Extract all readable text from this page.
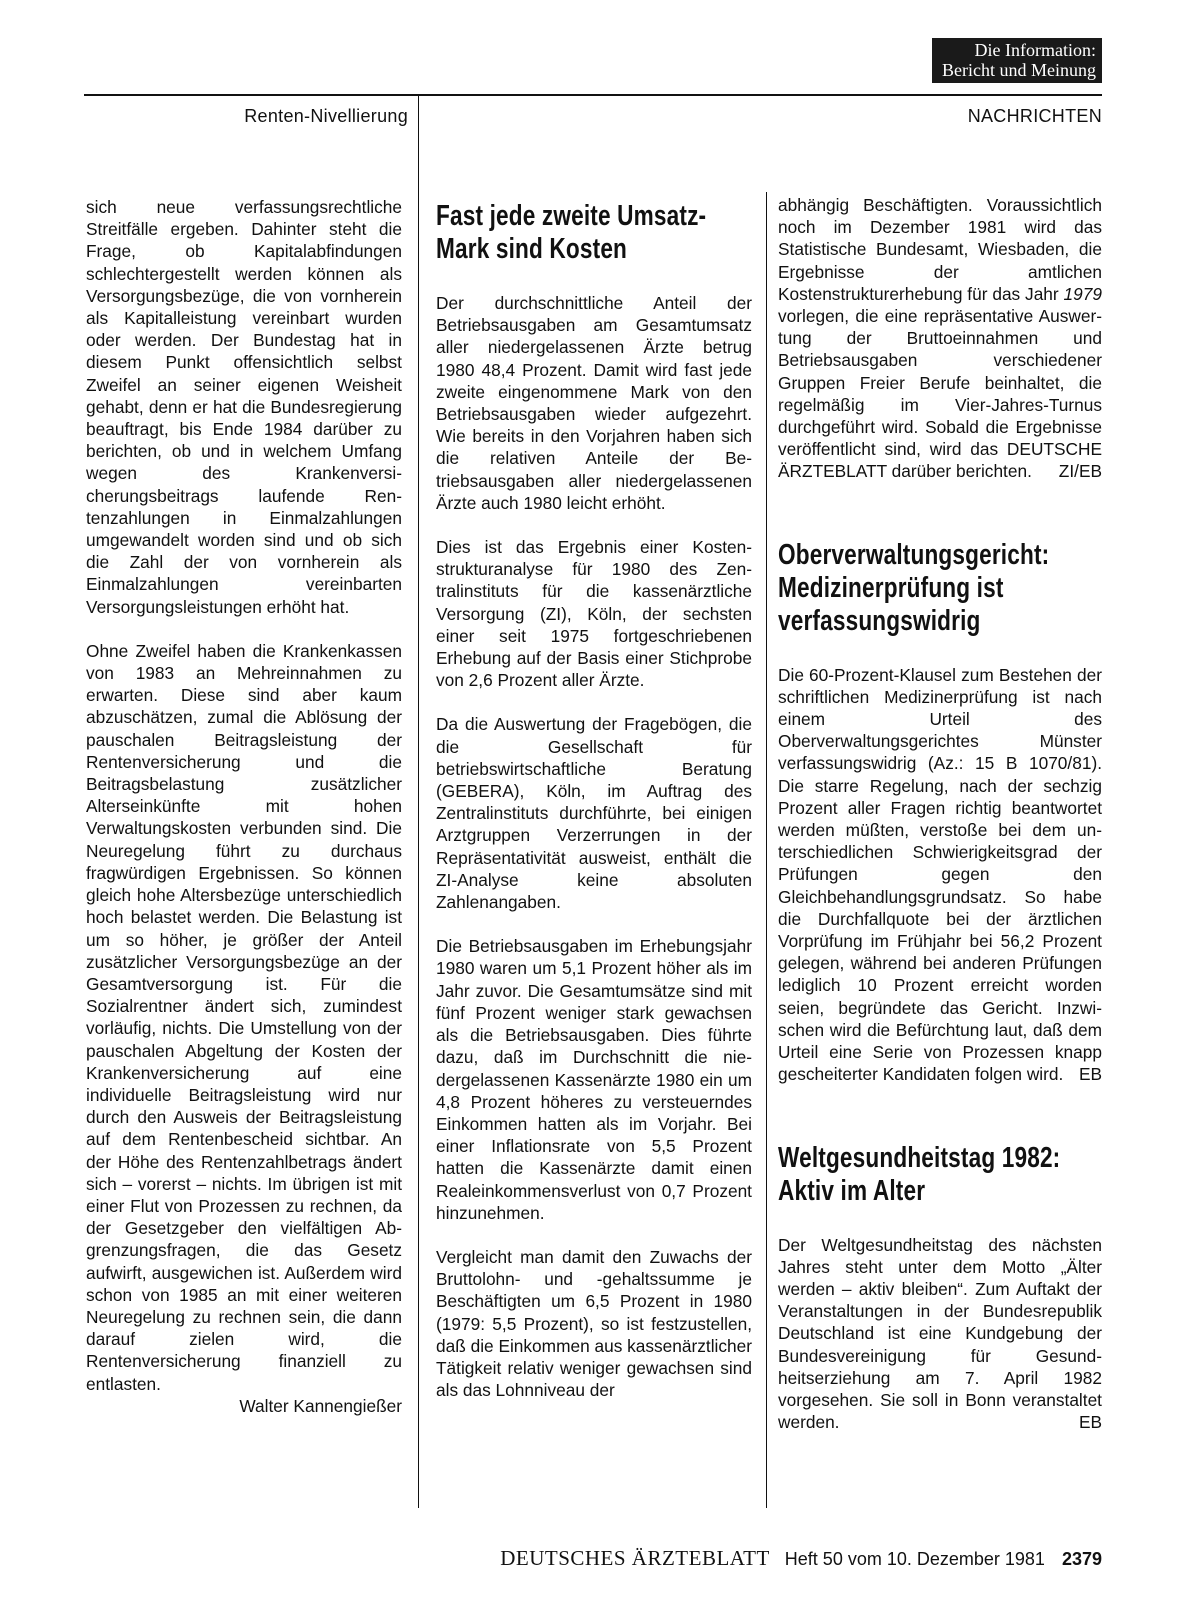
Die Information:
Bericht und Meinung
Renten-Nivellierung	NACHRICHTEN

sich neue verfassungsrechtliche Streitfälle ergeben. Dahinter steht die Frage, ob Kapitalabfindungen schlechtergestellt werden können als Versorgungsbezüge, die von vornherein als Kapitalleistung vereinbart wurden oder werden. Der Bundestag hat in diesem Punkt offensichtlich selbst Zweifel an seiner eigenen Weisheit gehabt, denn er hat die Bundesregierung beauftragt, bis Ende 1984 darüber zu berichten, ob und in welchem Umfang wegen des Krankenversicherungsbeitrags laufende Rentenzahlungen in Einmalzahlungen umgewandelt worden sind und ob sich die Zahl der von vornherein als Einmalzahlungen vereinbarten Versorgungsleistungen erhöht hat.

Ohne Zweifel haben die Krankenkassen von 1983 an Mehreinnahmen zu erwarten. Diese sind aber kaum abzuschätzen, zumal die Ablösung der pauschalen Beitragsleistung der Rentenversicherung und die Beitragsbelastung zusätzlicher Alterseinkünfte mit hohen Verwaltungskosten verbunden sind. Die Neuregelung führt zu durchaus fragwürdigen Ergebnissen. So können gleich hohe Altersbezüge unterschiedlich hoch belastet werden. Die Belastung ist um so höher, je größer der Anteil zusätzlicher Versorgungsbezüge an der Gesamtversorgung ist. Für die Sozialrentner ändert sich, zumindest vorläufig, nichts. Die Umstellung von der pauschalen Abgeltung der Kosten der Krankenversicherung auf eine individuelle Beitragsleistung wird nur durch den Ausweis der Beitragsleistung auf dem Rentenbescheid sichtbar. An der Höhe des Rentenzahlbetrags ändert sich – vorerst – nichts. Im übrigen ist mit einer Flut von Prozessen zu rechnen, da der Gesetzgeber den vielfältigen Abgrenzungsfragen, die das Gesetz aufwirft, ausgewichen ist. Außerdem wird schon von 1985 an mit einer weiteren Neuregelung zu rechnen sein, die dann darauf zielen wird, die Rentenversicherung finanziell zu entlasten.

Walter Kannengießer
Fast jede zweite Umsatz-Mark sind Kosten

Der durchschnittliche Anteil der Betriebsausgaben am Gesamtumsatz aller niedergelassenen Ärzte betrug 1980 48,4 Prozent. Damit wird fast jede zweite eingenommene Mark von den Betriebsausgaben wieder aufgezehrt. Wie bereits in den Vorjahren haben sich die relativen Anteile der Betriebsausgaben aller niedergelassenen Ärzte auch 1980 leicht erhöht.

Dies ist das Ergebnis einer Kostenstrukturanalyse für 1980 des Zentralinstituts für die kassenärztliche Versorgung (ZI), Köln, der sechsten einer seit 1975 fortgeschriebenen Erhebung auf der Basis einer Stichprobe von 2,6 Prozent aller Ärzte.

Da die Auswertung der Fragebögen, die die Gesellschaft für betriebswirtschaftliche Beratung (GEBERA), Köln, im Auftrag des Zentralinstituts durchführte, bei einigen Arztgruppen Verzerrungen in der Repräsentativität ausweist, enthält die ZI-Analyse keine absoluten Zahlenangaben.

Die Betriebsausgaben im Erhebungsjahr 1980 waren um 5,1 Prozent höher als im Jahr zuvor. Die Gesamtumsätze sind mit fünf Prozent weniger stark gewachsen als die Betriebsausgaben. Dies führte dazu, daß im Durchschnitt die niedergelassenen Kassenärzte 1980 ein um 4,8 Prozent höheres zu versteuerndes Einkommen hatten als im Vorjahr. Bei einer Inflationsrate von 5,5 Prozent hatten die Kassenärzte damit einen Realeinkommensverlust von 0,7 Prozent hinzunehmen.

Vergleicht man damit den Zuwachs der Bruttolohn- und -gehaltssumme je Beschäftigten um 6,5 Prozent in 1980 (1979: 5,5 Prozent), so ist festzustellen, daß die Einkommen aus kassenärztlicher Tätigkeit relativ weniger gewachsen sind als das Lohnniveau der

abhängig Beschäftigten. Voraussichtlich noch im Dezember 1981 wird das Statistische Bundesamt, Wiesbaden, die Ergebnisse der amtlichen Kostenstrukturerhebung für das Jahr 1979 vorlegen, die eine repräsentative Auswertung der Bruttoeinnahmen und Betriebsausgaben verschiedener Gruppen Freier Berufe beinhaltet, die regelmäßig im Vier-Jahres-Turnus durchgeführt wird. Sobald die Ergebnisse veröffentlicht sind, wird das DEUTSCHE ÄRZTEBLATT darüber berichten. ZI/EB

Oberverwaltungsgericht: Medizinerprüfung ist verfassungswidrig

Die 60-Prozent-Klausel zum Bestehen der schriftlichen Medizinerprüfung ist nach einem Urteil des Oberverwaltungsgerichtes Münster verfassungswidrig (Az.: 15 B 1070/81). Die starre Regelung, nach der sechzig Prozent aller Fragen richtig beantwortet werden müßten, verstoße bei dem unterschiedlichen Schwierigkeitsgrad der Prüfungen gegen den Gleichbehandlungsgrundsatz. So habe die Durchfallquote bei der ärztlichen Vorprüfung im Frühjahr bei 56,2 Prozent gelegen, während bei anderen Prüfungen lediglich 10 Prozent erreicht worden seien, begründete das Gericht. Inzwischen wird die Befürchtung laut, daß dem Urteil eine Serie von Prozessen knapp gescheiterter Kandidaten folgen wird. EB

Weltgesundheitstag 1982: Aktiv im Alter

Der Weltgesundheitstag des nächsten Jahres steht unter dem Motto „Älter werden – aktiv bleiben“. Zum Auftakt der Veranstaltungen in der Bundesrepublik Deutschland ist eine Kundgebung der Bundesvereinigung für Gesundheitserziehung am 7. April 1982 vorgesehen. Sie soll in Bonn veranstaltet werden.	EB

DEUTSCHES ÄRZTEBLATT Heft 50 vom 10. Dezember 1981 2379
